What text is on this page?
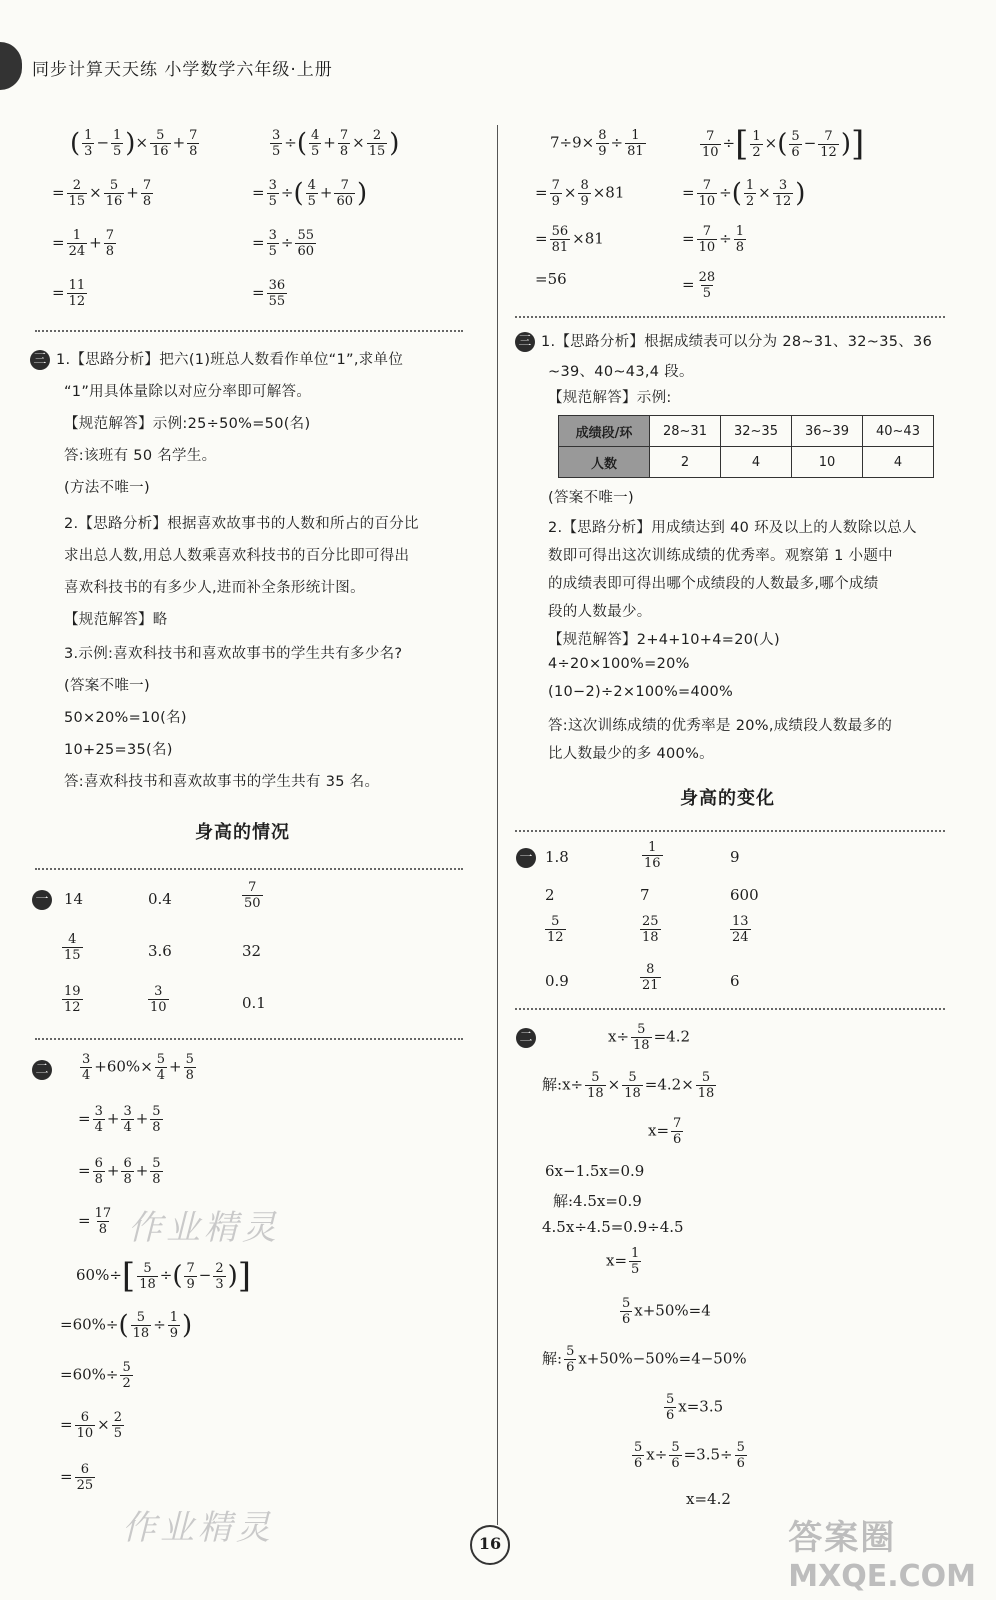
同步计算天天练 小学数学六年级·上册
( $\frac{1}{3} - \frac{1}{5}$ )× $\frac{5}{16} + \frac{7}{8}$
= $\frac{2}{15} \times \frac{5}{16} + \frac{7}{8}$
= $\frac{1}{24} + \frac{7}{8}$
= $\frac{11}{12}$
$\frac{3}{5}$ ÷( $\frac{4}{5} + \frac{7}{8} \times \frac{2}{15}$ )
= $\frac{3}{5}$ ÷( $\frac{4}{5} + \frac{7}{60}$ )
= $\frac{3}{5} \div \frac{55}{60}$
= $\frac{36}{55}$
三 1.【思路分析】把六(1)班总人数看作单位“1”,求单位
“1”用具体量除以对应分率即可解答。
【规范解答】示例:25÷50%=50(名)
答:该班有 50 名学生。
(方法不唯一)
2.【思路分析】根据喜欢故事书的人数和所占的百分比
求出总人数,用总人数乘喜欢科技书的百分比即可得出
喜欢科技书的有多少人,进而补全条形统计图。
【规范解答】略
3.示例:喜欢科技书和喜欢故事书的学生共有多少名?
(答案不唯一)
50×20%=10(名)
10+25=35(名)
答:喜欢科技书和喜欢故事书的学生共有 35 名。
身高的情况
一	14	0.4	$\frac{7}{50}$
$\frac{4}{15}$	3.6	32
$\frac{19}{12}$	$\frac{3}{10}$	0.1
二	$\frac{3}{4} +60\%\times \frac{5}{4} + \frac{5}{8}$
= $\frac{3}{4} + \frac{3}{4} + \frac{5}{8}$
= $\frac{6}{8} + \frac{6}{8} + \frac{5}{8}$
= $\frac{17}{8}$ 作业精灵
$60\%\div[ \frac{5}{18}$ ÷( $\frac{7}{9} - \frac{2}{3}$ )]
$=60\%\div( \frac{5}{18} \div \frac{1}{9}$ )
$=60\%\div \frac{5}{2}$
= $\frac{6}{10} \times \frac{2}{5}$
= $\frac{6}{25}$
作业精灵
$7\div 9\times \frac{8}{9} \div \frac{1}{81}$
= $\frac{7}{9} \times \frac{8}{9} \times 81$
= $\frac{56}{81} \times 81$
=56
$\frac{7}{10}$ ÷[ $\frac{1}{2}$ ×( $\frac{5}{6} - \frac{7}{12}$ )]
= $\frac{7}{10}$ ÷( $\frac{1}{2} \times \frac{3}{12}$ )
= $\frac{7}{10} \div \frac{1}{8}$
= $\frac{28}{5}$
三 1.【思路分析】根据成绩表可以分为 28~31、32~35、36
~39、40~43,4 段。
【规范解答】示例:
成绩段/环	28~31	32~35	36~39	40~43
人数	2	4	10	4
(答案不唯一)
2.【思路分析】用成绩达到 40 环及以上的人数除以总人
数即可得出这次训练成绩的优秀率。观察第 1 小题中
的成绩表即可得出哪个成绩段的人数最多,哪个成绩
段的人数最少。
【规范解答】2+4+10+4=20(人)
4÷20×100%=20%
(10−2)÷2×100%=400%
答:这次训练成绩的优秀率是 20%,成绩段人数最多的
比人数最少的多 400%。
身高的变化
一 1.8	$\frac{1}{16}$	9
2	7	600
$\frac{5}{12}$	$\frac{25}{18}$	$\frac{13}{24}$
0.9	$\frac{8}{21}$	6
二	$x\div \frac{5}{18} =4.2$
解:x÷ $\frac{5}{18} \times \frac{5}{18} =4.2\times \frac{5}{18}$
$x= \frac{7}{6}$
6x−1.5x=0.9
解:4.5x=0.9
4.5x÷4.5=0.9÷4.5
$x= \frac{1}{5}$
$\frac{5}{6} x+50\%=4$
解: $\frac{5}{6} x+50\%-50\%=4-50\%$
$\frac{5}{6} x=3.5$
$\frac{5}{6} x\div \frac{5}{6} =3.5\div \frac{5}{6}$
x=4.2
16	答案圈
MXQE.COM
